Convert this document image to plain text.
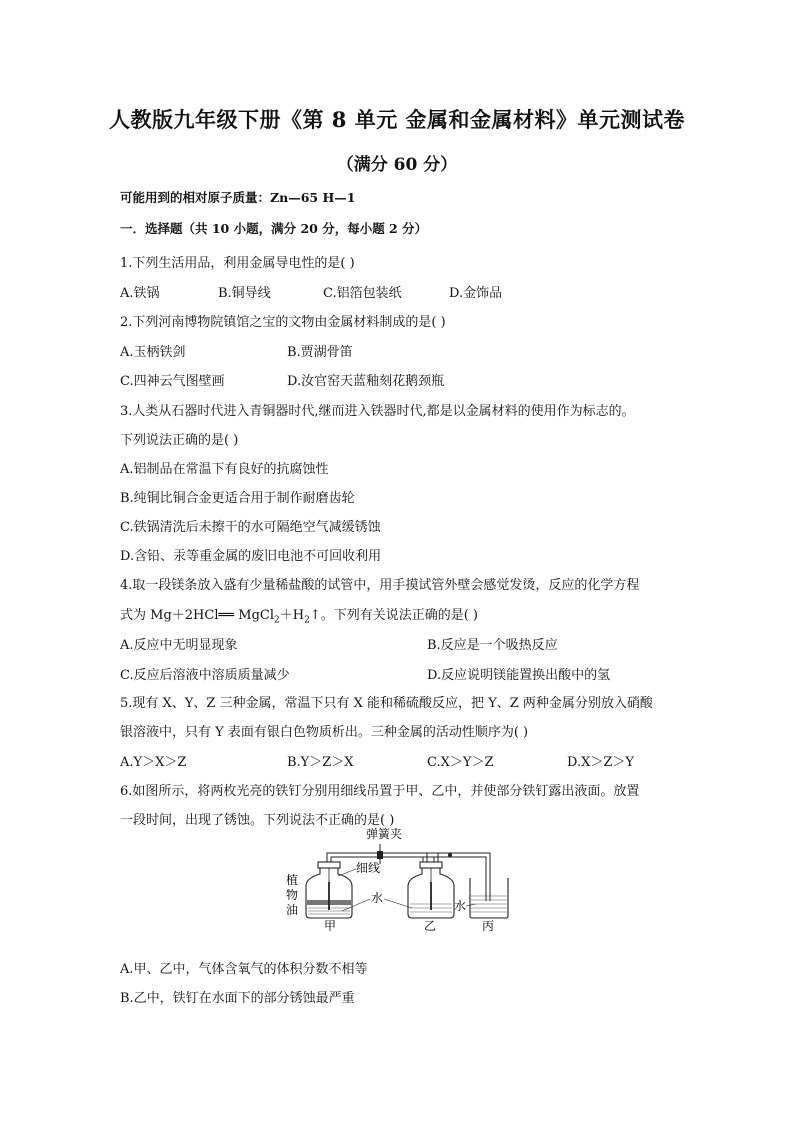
人教版九年级下册《第 8 单元 金属和金属材料》单元测试卷
（满分 60 分）
可能用到的相对原子质量：Zn—65 H—1
一．选择题（共 10 小题，满分 20 分，每小题 2 分）
1.下列生活用品，利用金属导电性的是( )
A.铁锅	B.铜导线	C.铝箔包装纸	D.金饰品
2.下列河南博物院镇馆之宝的文物由金属材料制成的是( )
A.玉柄铁剑	B.贾湖骨笛
C.四神云气图壁画	D.汝官窑天蓝釉刻花鹅颈瓶
3.人类从石器时代进入青铜器时代,继而进入铁器时代,都是以金属材料的使用作为标志的。
下列说法正确的是( )
A.铝制品在常温下有良好的抗腐蚀性
B.纯铜比铜合金更适合用于制作耐磨齿轮
C.铁锅清洗后未擦干的水可隔绝空气减缓锈蚀
D.含铅、汞等重金属的废旧电池不可回收利用
4.取一段镁条放入盛有少量稀盐酸的试管中，用手摸试管外壁会感觉发烫，反应的化学方程
式为 Mg＋2HCl══ $MgCl_2+H_2↑$。下列有关说法正确的是( )
A.反应中无明显现象	B.反应是一个吸热反应
C.反应后溶液中溶质质量减少	D.反应说明镁能置换出酸中的氢
5.现有 X、Y、Z 三种金属，常温下只有 X 能和稀硫酸反应，把 Y、Z 两种金属分别放入硝酸
银溶液中，只有 Y 表面有银白色物质析出。三种金属的活动性顺序为( )
A.Y＞X＞Z	B.Y＞Z＞X	C.X＞Y＞Z	D.X＞Z＞Y
6.如图所示，将两枚光亮的铁钉分别用细线吊置于甲、乙中，并使部分铁钉露出液面。放置
一段时间，出现了锈蚀。下列说法不正确的是( )
弹簧夹
细线
植
物
油
水
水
甲	乙	丙
A.甲、乙中，气体含氧气的体积分数不相等
B.乙中，铁钉在水面下的部分锈蚀最严重
